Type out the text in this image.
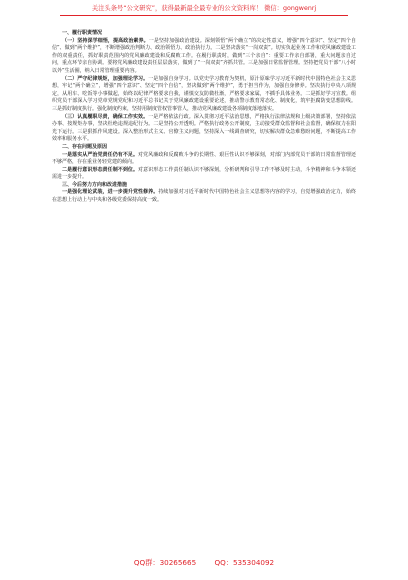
关注头条号“公文研究”，获得最新最全最专业的公文资料库！ 微信：gongwenrj

一、履行职责情况

（一）坚持深学细悟，提高政治素养。一是坚持加强政治建设。深刻领悟“两个确立”的决定性意义，增强“四个意识”、坚定“四个自信”、做到“两个维护”，不断增强政治判断力、政治领悟力、政治执行力。二是坚决落实“一岗双责”。切实负起业务工作和党风廉政建设工作的双重责任，抓好职责范围内的党风廉政建设和反腐败工作。在履行职责时，做到“三个亲自”：重要工作亲自部署，重大问题亲自过问，重点环节亲自协调。要将党风廉政建设责任层层落实，做到了“一岗双责”齐抓共管。三是加强日常监督管理。坚持把党员干部“八小时以外”生活圈，纳入日常管理重要内容。

（二）严守纪律规矩，加强理论学习。一是加强自身学习。以党史学习教育为契机，原汁原味学习习近平新时代中国特色社会主义思想，牢记“两个确立”，增强“四个意识”、坚定“四个自信”，坚决做到“两个维护”，勇于担当作为，加强自身修养。坚决执行中央八项规定，从用车、吃饭等小事做起，始终以纪律严格要求自我，谨慎交友防微杜渐，严格要求家属，不插手具体业务。二是抓好学习宣教。组织党员干部深入学习党章党规党纪和习近平总书记关于党风廉政建设重要论述，推动警示教育常态化、制度化，筑牢拒腐防变思想防线。三是抓好制度执行。强化制度约束，坚持用制度管权管事管人，推动党风廉政建设各项制度落地落实。

（三）认真履职尽责，确保工作实效。一是严格依法行政。深入贯彻习近平法治思想，严格执行法律法规和上级决策部署，坚持依法办事、按规矩办事，坚决杜绝违规违纪行为。二是坚持公开透明。严格执行政务公开制度，主动接受群众监督和社会监督，确保权力在阳光下运行。三是狠抓作风建设。深入整治形式主义、官僚主义问题，坚持深入一线调查研究，切实解决群众急难愁盼问题，不断提高工作效率和服务水平。

二、存在问题及原因

一是落实从严治党责任仍有不足。对党风廉政和反腐败斗争的长期性、艰巨性认识不够深刻，对部门内部党员干部的日常监督管理还不够严格，存在重业务轻党建的倾向。

二是履行意识形态责任制不到位。对意识形态工作责任制认识不够深刻，分析研判和引导工作不够及时主动，斗争精神和斗争本领还需进一步提升。

三、今后努力方向和改进措施

一是强化理论武装，进一步提升党性修养。持续加强对习近平新时代中国特色社会主义思想等内容的学习，自觉增强政治定力，始终在思想上行动上与中央和各级党委保持高度一致。

QQ群：30265665	QQ：535304092
